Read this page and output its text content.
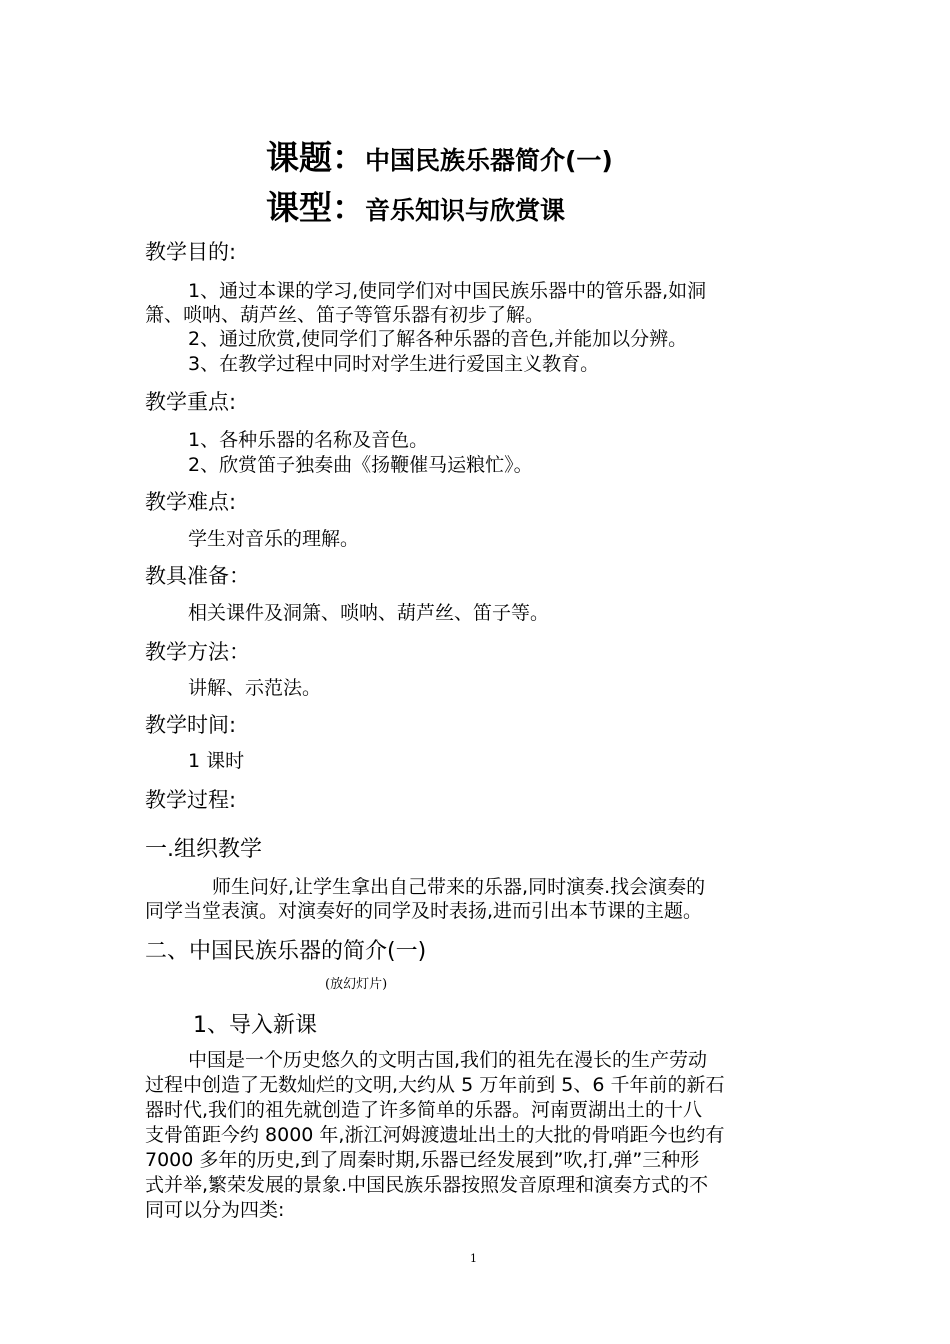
课题：中国民族乐器简介(一)
课型：音乐知识与欣赏课
教学目的:
1、通过本课的学习,使同学们对中国民族乐器中的管乐器,如洞
箫、唢呐、葫芦丝、笛子等管乐器有初步了解。
2、通过欣赏,使同学们了解各种乐器的音色,并能加以分辨。
3、在教学过程中同时对学生进行爱国主义教育。
教学重点:
1、各种乐器的名称及音色。
2、欣赏笛子独奏曲《扬鞭催马运粮忙》。
教学难点:
学生对音乐的理解。
教具准备：
相关课件及洞箫、唢呐、葫芦丝、笛子等。
教学方法：
讲解、示范法。
教学时间:
1 课时
教学过程:
一.组织教学
师生问好,让学生拿出自己带来的乐器,同时演奏.找会演奏的
同学当堂表演。对演奏好的同学及时表扬,进而引出本节课的主题。
二、中国民族乐器的简介(一)
(放幻灯片)
1、导入新课
中国是一个历史悠久的文明古国,我们的祖先在漫长的生产劳动
过程中创造了无数灿烂的文明,大约从 5 万年前到 5、6 千年前的新石
器时代,我们的祖先就创造了许多简单的乐器。河南贾湖出土的十八
支骨笛距今约 8000 年,浙江河姆渡遗址出土的大批的骨哨距今也约有
7000 多年的历史,到了周秦时期,乐器已经发展到”吹,打,弹”三种形
式并举,繁荣发展的景象.中国民族乐器按照发音原理和演奏方式的不
同可以分为四类:
1
